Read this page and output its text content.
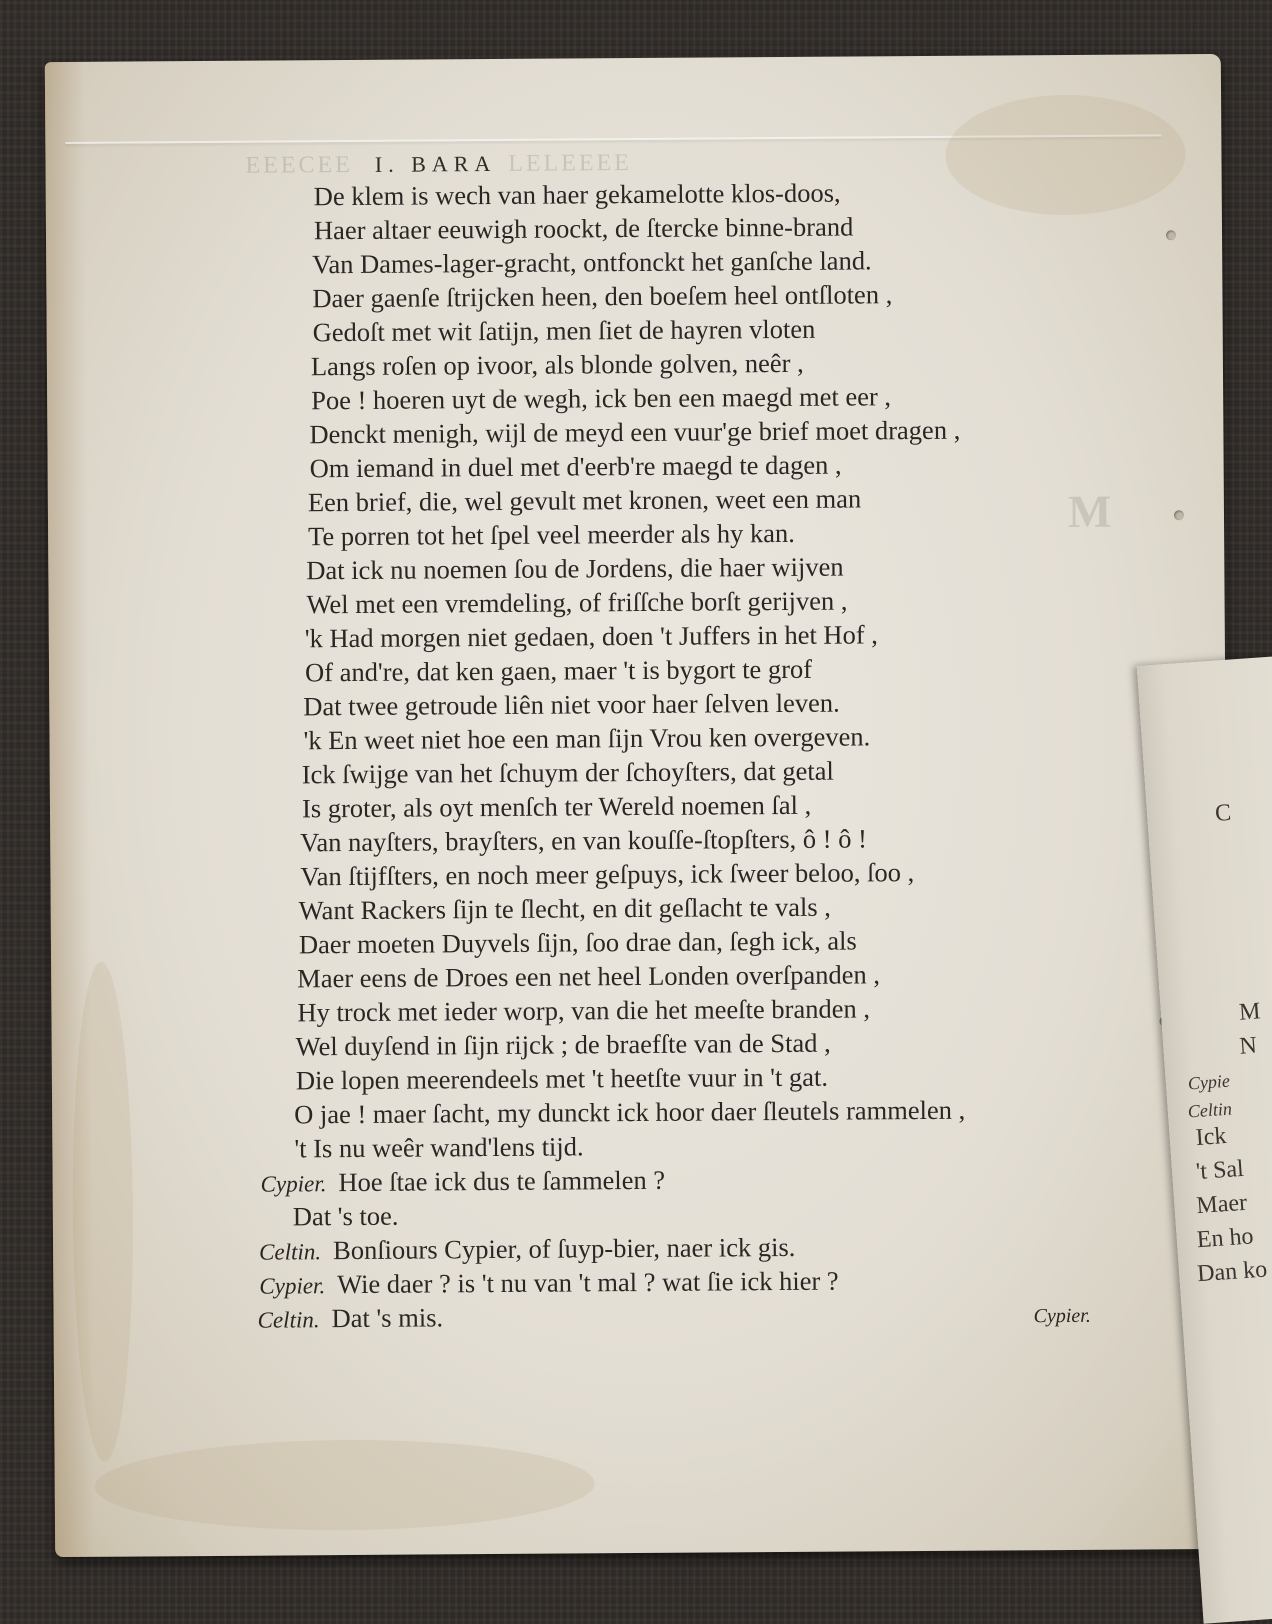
M
EEECEE I. BARA LELEEEE
De klem is wech van haer gekamelotte klos-doos,
Haer altaer eeuwigh roockt, de ſtercke binne-brand
Van Dames-lager-gracht, ontfonckt het ganſche land.
Daer gaenſe ſtrijcken heen, den boeſem heel ontſloten ,
Gedoſt met wit ſatijn, men ſiet de hayren vloten
Langs roſen op ivoor, als blonde golven, neêr ,
Poe ! hoeren uyt de wegh, ick ben een maegd met eer ,
Denckt menigh, wijl de meyd een vuur'ge brief moet dragen ,
Om iemand in duel met d'eerb're maegd te dagen ,
Een brief, die, wel gevult met kronen, weet een man
Te porren tot het ſpel veel meerder als hy kan.
Dat ick nu noemen ſou de Jordens, die haer wijven
Wel met een vremdeling, of friſſche borſt gerijven ,
'k Had morgen niet gedaen, doen 't Juffers in het Hof ,
Of and're, dat ken gaen, maer 't is bygort te grof
Dat twee getroude liên niet voor haer ſelven leven.
'k En weet niet hoe een man ſijn Vrou ken overgeven.
Ick ſwijge van het ſchuym der ſchoyſters, dat getal
Is groter, als oyt menſch ter Wereld noemen ſal ,
Van nayſters, brayſters, en van kouſſe-ſtopſters, ô ! ô !
Van ſtijfſters, en noch meer geſpuys, ick ſweer beloo, ſoo ,
Want Rackers ſijn te ſlecht, en dit geſlacht te vals ,
Daer moeten Duyvels ſijn, ſoo drae dan, ſegh ick, als
Maer eens de Droes een net heel Londen overſpanden ,
Hy trock met ieder worp, van die het meeſte branden ,
Wel duyſend in ſijn rijck ; de braefſte van de Stad ,
Die lopen meerendeels met 't heetſte vuur in 't gat.
O jae ! maer ſacht, my dunckt ick hoor daer ſleutels rammelen ,
't Is nu weêr wand'lens tijd.
Cypier. Hoe ſtae ick dus te ſammelen ?
Dat 's toe.
Celtin. Bonſiours Cypier, of ſuyp-bier, naer ick gis.
Cypier. Wie daer ? is 't nu van 't mal ? wat ſie ick hier ?
Celtin. Dat 's mis.	Cypier.
C
M
N
Cypie
Celtin
Ick
't Sal
Maer
En ho
Dan ko
